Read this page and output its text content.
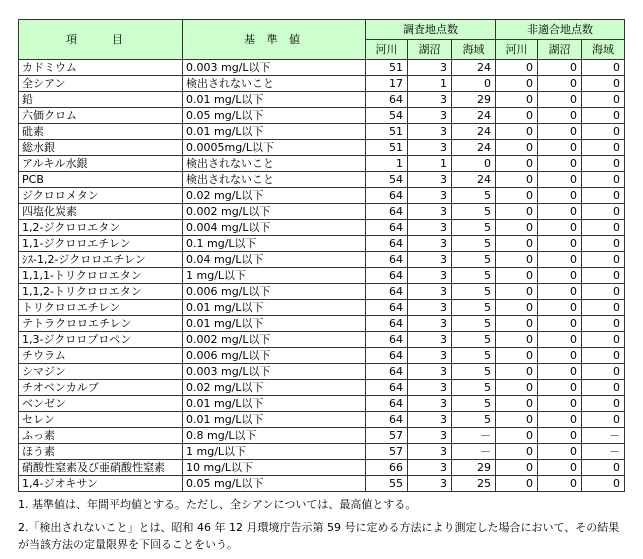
項　目	基 準 値	調査地点数			非適合地点数		
		河川	湖沼	海域	河川	湖沼	海域
カドミウム	0.003 mg/L以下	51	3	24	0	0	0
全シアン	検出されないこと	17	1	0	0	0	0
鉛	0.01 mg/L以下	64	3	29	0	0	0
六価クロム	0.05 mg/L以下	54	3	24	0	0	0
砒素	0.01 mg/L以下	51	3	24	0	0	0
総水銀	0.0005mg/L以下	51	3	24	0	0	0
アルキル水銀	検出されないこと	1	1	0	0	0	0
PCB	検出されないこと	54	3	24	0	0	0
ジクロロメタン	0.02 mg/L以下	64	3	5	0	0	0
四塩化炭素	0.002 mg/L以下	64	3	5	0	0	0
1,2-ジクロロエタン	0.004 mg/L以下	64	3	5	0	0	0
1,1-ジクロロエチレン	0.1 mg/L以下	64	3	5	0	0	0
ｼｽ-1,2-ジクロロエチレン	0.04 mg/L以下	64	3	5	0	0	0
1,1,1-トリクロロエタン	1 mg/L以下	64	3	5	0	0	0
1,1,2-トリクロロエタン	0.006 mg/L以下	64	3	5	0	0	0
トリクロロエチレン	0.01 mg/L以下	64	3	5	0	0	0
テトラクロロエチレン	0.01 mg/L以下	64	3	5	0	0	0
1,3-ジクロロプロペン	0.002 mg/L以下	64	3	5	0	0	0
チウラム	0.006 mg/L以下	64	3	5	0	0	0
シマジン	0.003 mg/L以下	64	3	5	0	0	0
チオベンカルブ	0.02 mg/L以下	64	3	5	0	0	0
ベンゼン	0.01 mg/L以下	64	3	5	0	0	0
セレン	0.01 mg/L以下	64	3	5	0	0	0
ふっ素	0.8 mg/L以下	57	3	－	0	0	－
ほう素	1 mg/L以下	57	3	－	0	0	－
硝酸性窒素及び亜硝酸性窒素	10 mg/L以下	66	3	29	0	0	0
1,4-ジオキサン	0.05 mg/L以下	55	3	25	0	0	0

1. 基準値は、年間平均値とする。ただし、全シアンについては、最高値とする。

2.「検出されないこと」とは、昭和 46 年 12 月環境庁告示第 59 号に定める方法により測定した場合において、その結果が当該方法の定量限界を下回ることをいう。
